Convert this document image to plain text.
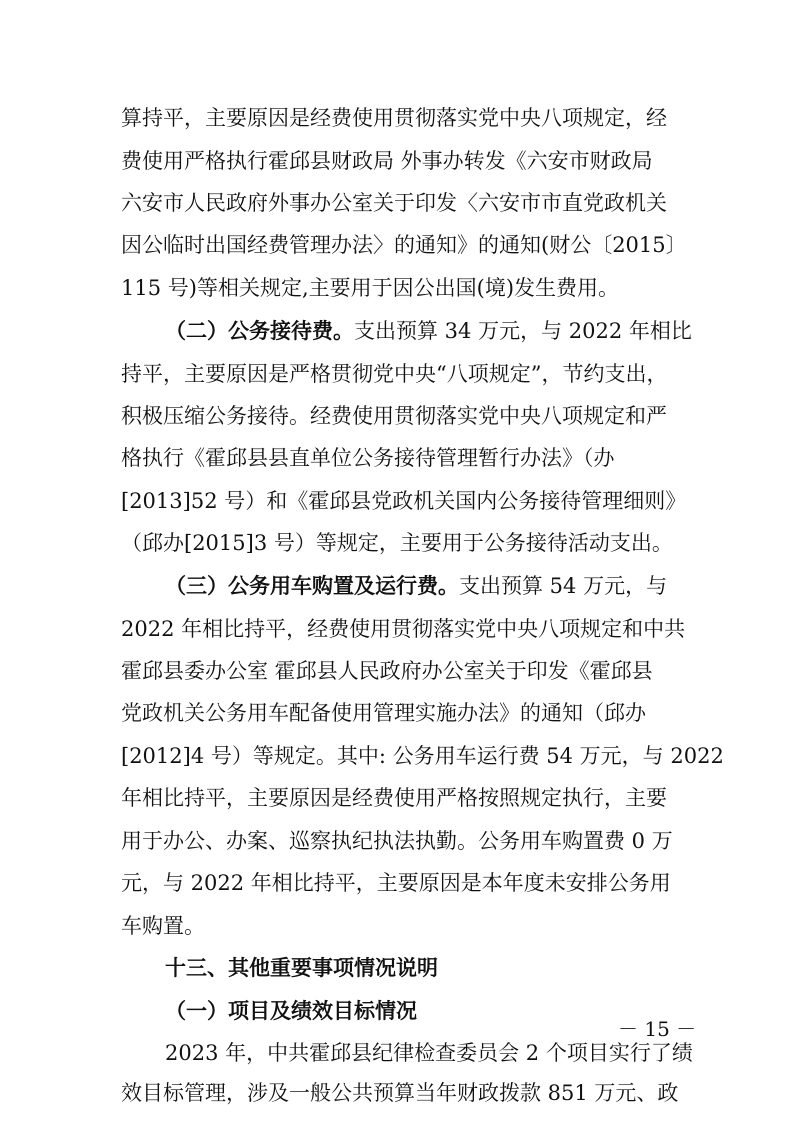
算持平，主要原因是经费使用贯彻落实党中央八项规定，经
费使用严格执行霍邱县财政局 外事办转发《六安市财政局
六安市人民政府外事办公室关于印发〈六安市市直党政机关
因公临时出国经费管理办法〉的通知》的通知(财公〔2015〕
115 号)等相关规定,主要用于因公出国(境)发生费用。
（二）公务接待费。支出预算 34 万元，与 2022 年相比
持平，主要原因是严格贯彻党中央“八项规定”，节约支出，
积极压缩公务接待。经费使用贯彻落实党中央八项规定和严
格执行《霍邱县县直单位公务接待管理暂行办法》（办
[2013]52 号）和《霍邱县党政机关国内公务接待管理细则》
（邱办[2015]3 号）等规定，主要用于公务接待活动支出。
（三）公务用车购置及运行费。支出预算 54 万元，与
2022 年相比持平，经费使用贯彻落实党中央八项规定和中共
霍邱县委办公室 霍邱县人民政府办公室关于印发《霍邱县
党政机关公务用车配备使用管理实施办法》的通知（邱办
[2012]4 号）等规定。其中: 公务用车运行费 54 万元，与 2022
年相比持平，主要原因是经费使用严格按照规定执行，主要
用于办公、办案、巡察执纪执法执勤。公务用车购置费 0 万
元，与 2022 年相比持平，主要原因是本年度未安排公务用
车购置。
十三、其他重要事项情况说明
（一）项目及绩效目标情况
2023 年，中共霍邱县纪律检查委员会 2 个项目实行了绩
－ 15 －
效目标管理，涉及一般公共预算当年财政拨款 851 万元、政
